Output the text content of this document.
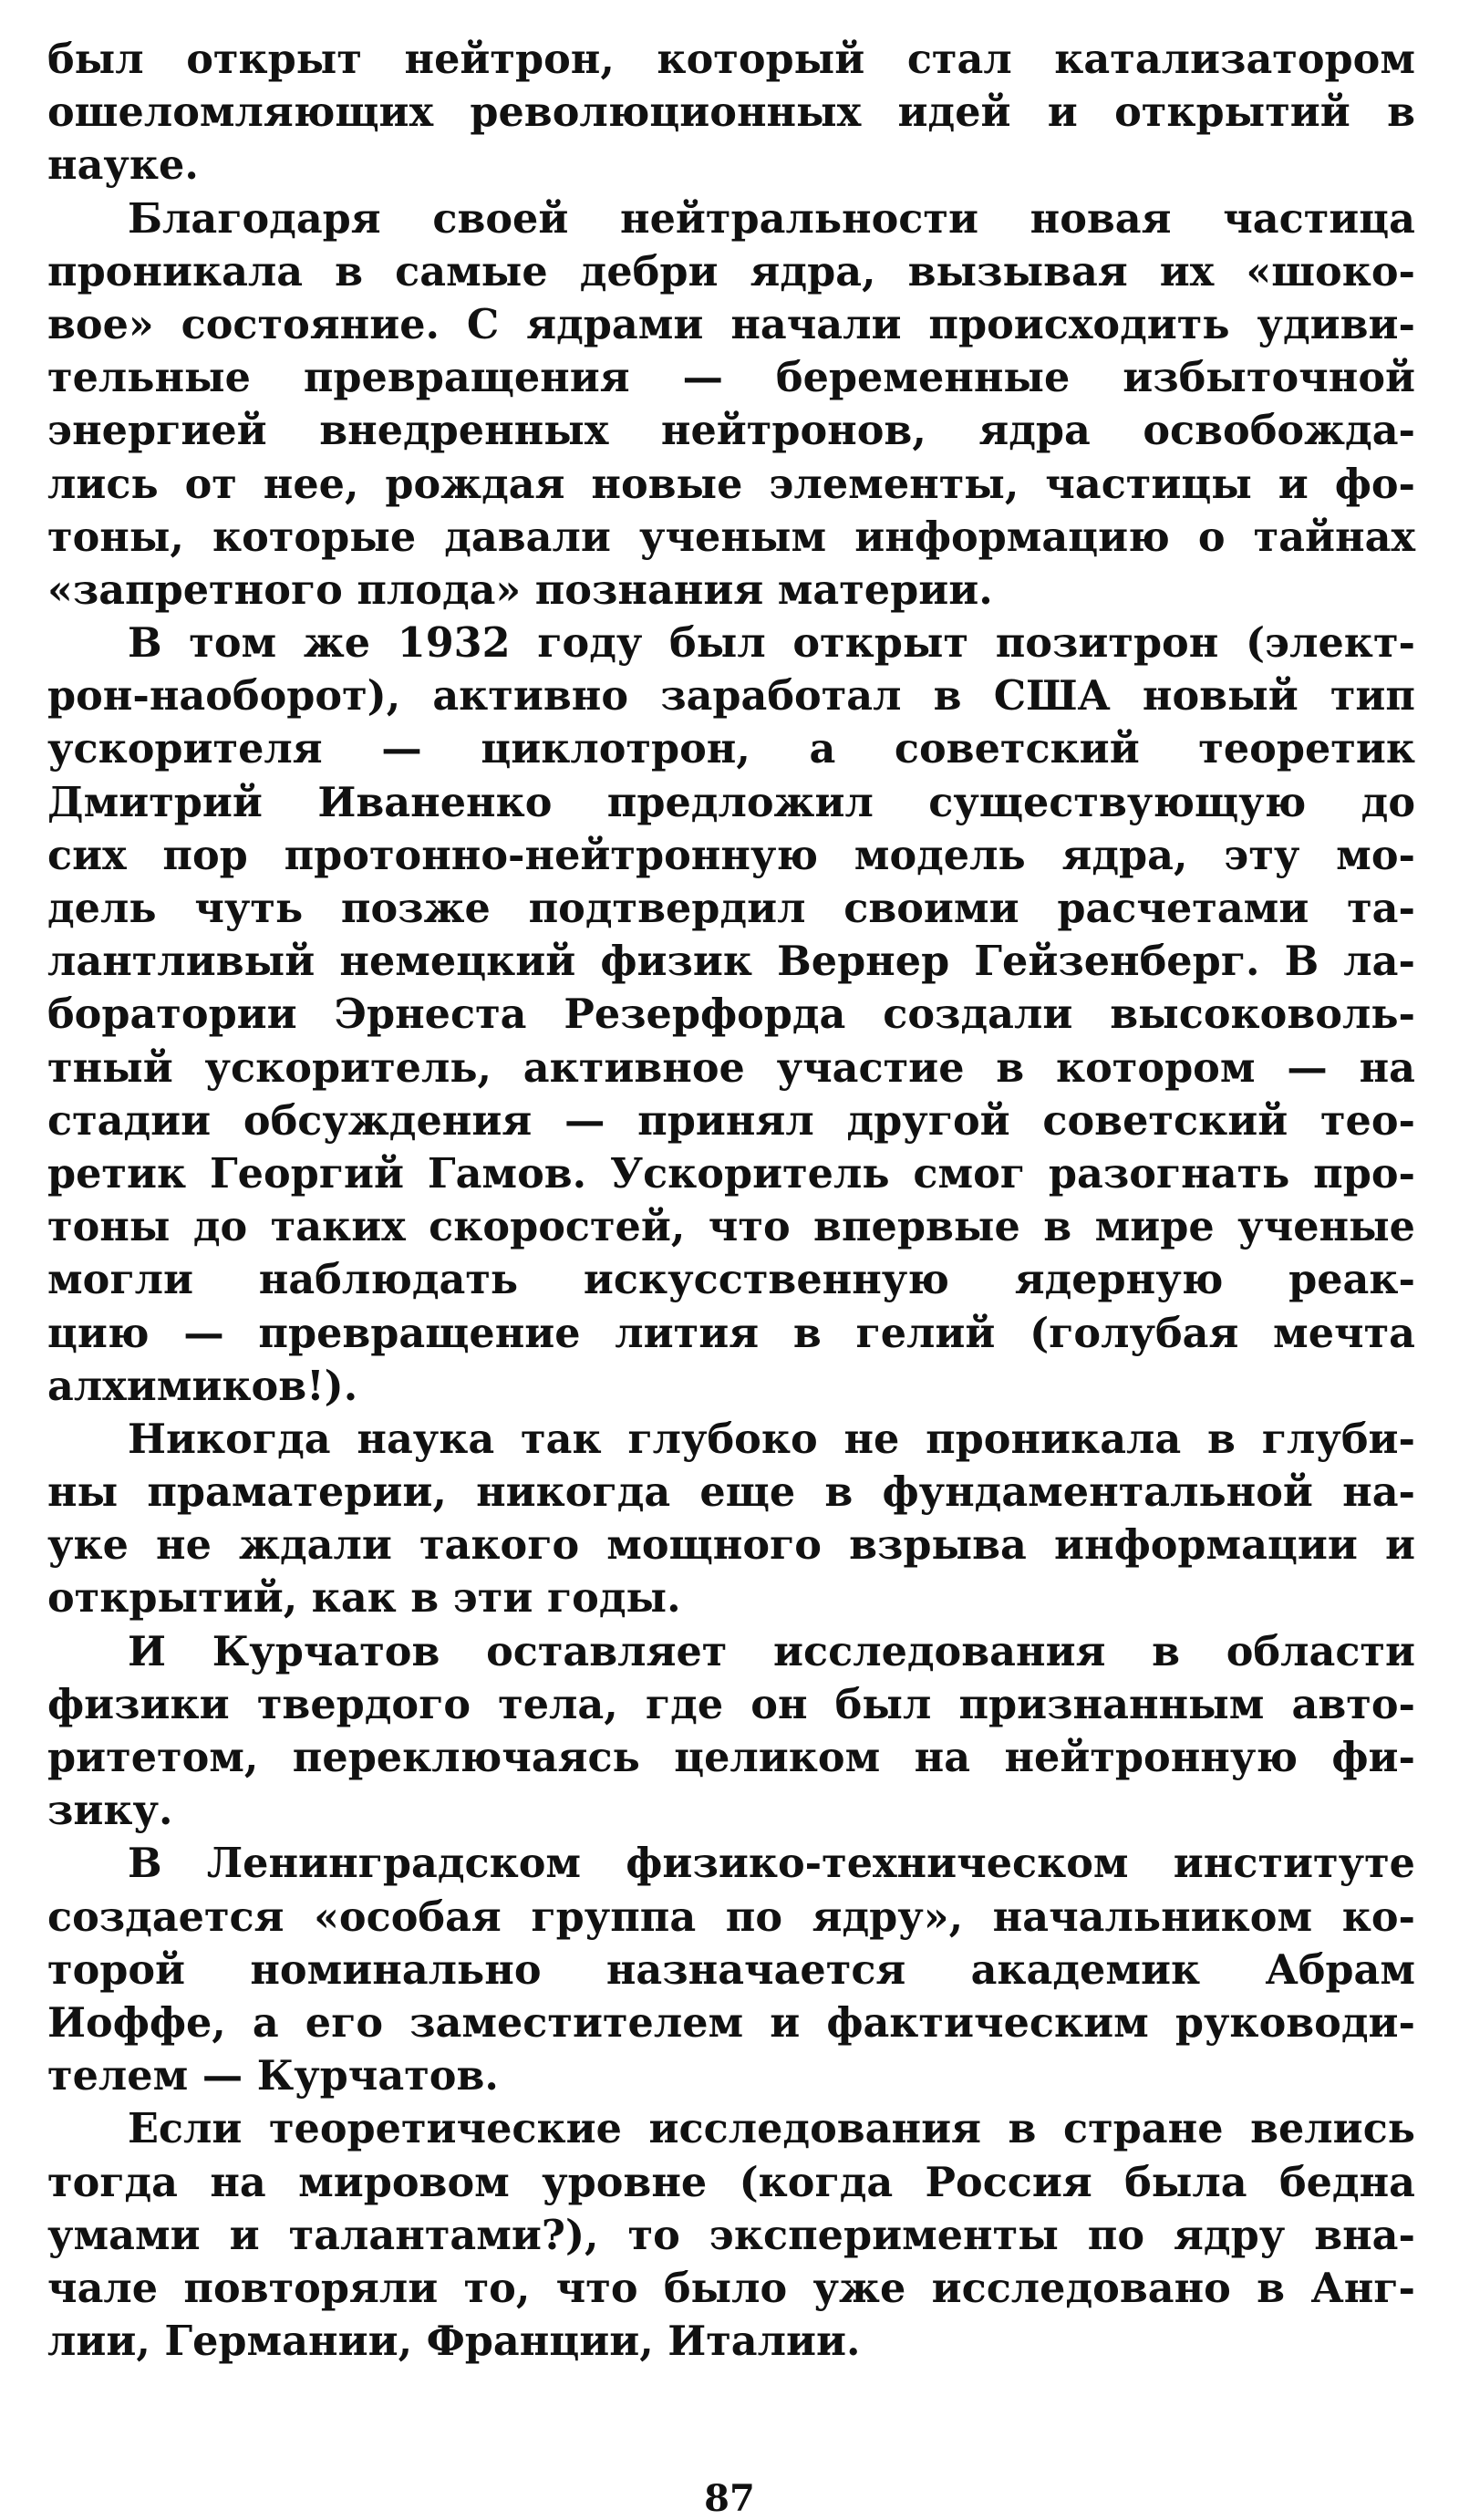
был открыт нейтрон, который стал катализатором
ошеломляющих революционных идей и открытий в
науке.
Благодаря своей нейтральности новая частица
проникала в самые дебри ядра, вызывая их «шоко-
вое» состояние. С ядрами начали происходить удиви-
тельные превращения — беременные избыточной
энергией внедренных нейтронов, ядра освобожда-
лись от нее, рождая новые элементы, частицы и фо-
тоны, которые давали ученым информацию о тайнах
«запретного плода» познания материи.
В том же 1932 году был открыт позитрон (элект-
рон-наоборот), активно заработал в США новый тип
ускорителя — циклотрон, а советский теоретик
Дмитрий Иваненко предложил существующую до
сих пор протонно-нейтронную модель ядра, эту мо-
дель чуть позже подтвердил своими расчетами та-
лантливый немецкий физик Вернер Гейзенберг. В ла-
боратории Эрнеста Резерфорда создали высоковоль-
тный ускоритель, активное участие в котором — на
стадии обсуждения — принял другой советский тео-
ретик Георгий Гамов. Ускоритель смог разогнать про-
тоны до таких скоростей, что впервые в мире ученые
могли наблюдать искусственную ядерную реак-
цию — превращение лития в гелий (голубая мечта
алхимиков!).
Никогда наука так глубоко не проникала в глуби-
ны праматерии, никогда еще в фундаментальной на-
уке не ждали такого мощного взрыва информации и
открытий, как в эти годы.
И Курчатов оставляет исследования в области
физики твердого тела, где он был признанным авто-
ритетом, переключаясь целиком на нейтронную фи-
зику.
В Ленинградском физико-техническом институте
создается «особая группа по ядру», начальником ко-
торой номинально назначается академик Абрам
Иоффе, а его заместителем и фактическим руководи-
телем — Курчатов.
Если теоретические исследования в стране велись
тогда на мировом уровне (когда Россия была бедна
умами и талантами?), то эксперименты по ядру вна-
чале повторяли то, что было уже исследовано в Анг-
лии, Германии, Франции, Италии.
87
